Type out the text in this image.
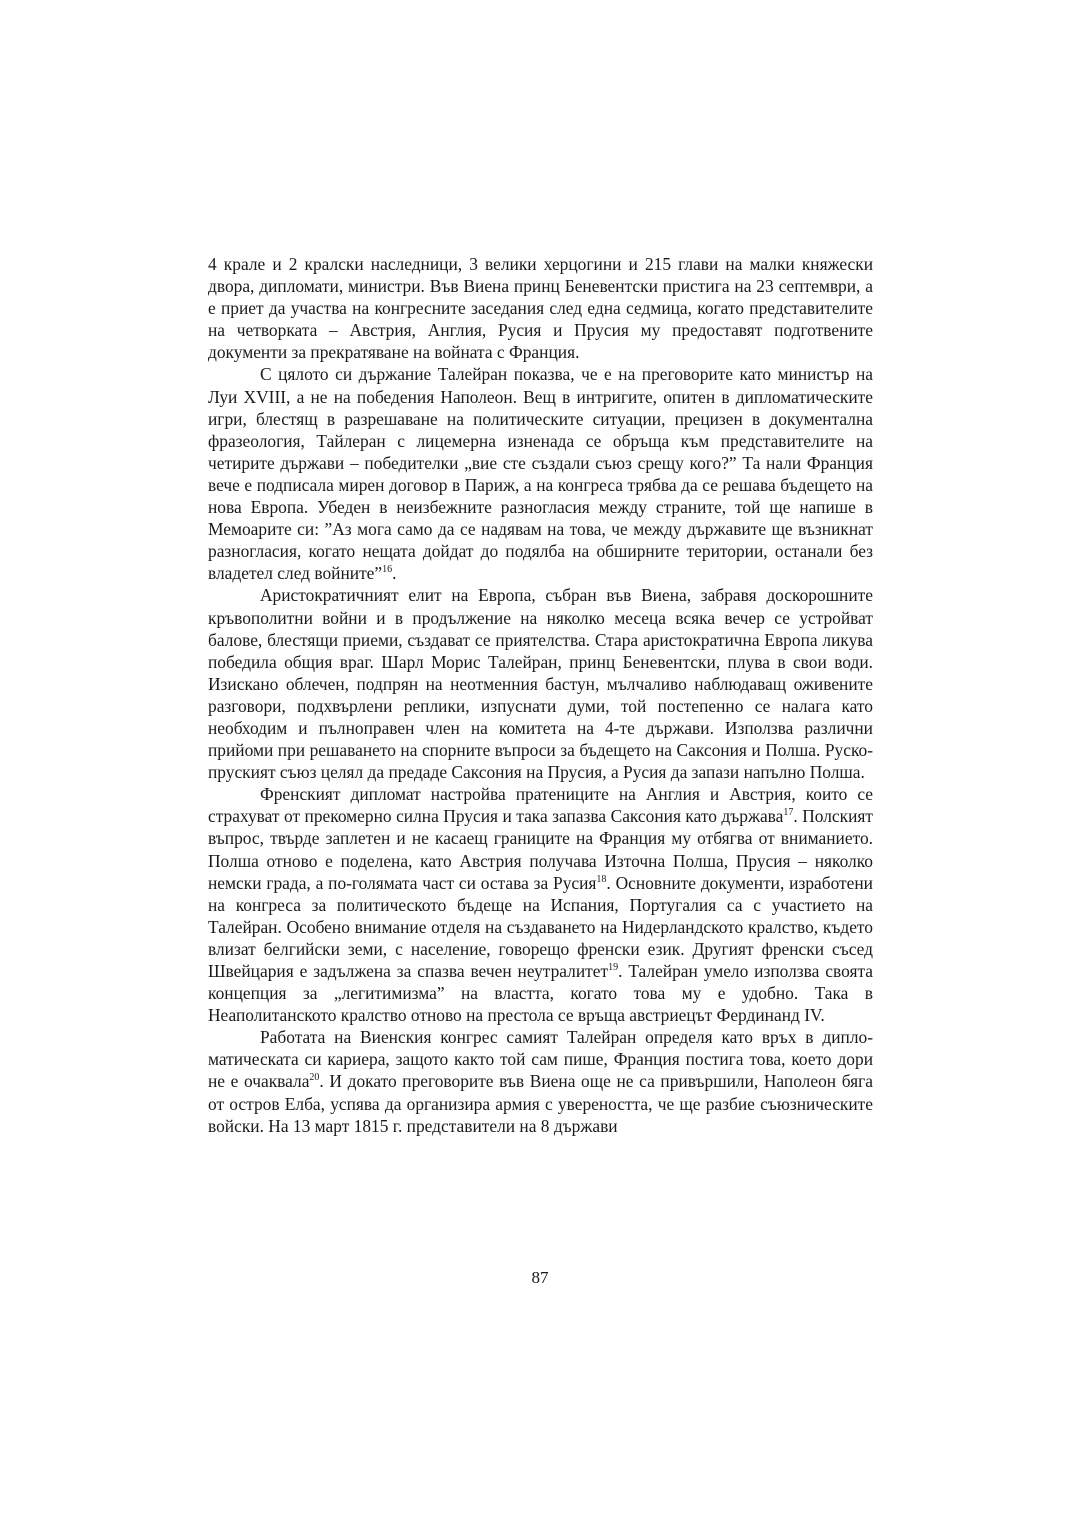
4 крале и 2 кралски наследници, 3 велики херцогини и 215 глави на малки княжески двора, дипломати, министри. Във Виена принц Беневентски пристига на 23 септември, а е приет да участва на конгресните заседания след една седмица, когато представителите на четворката – Австрия, Англия, Русия и Прусия му предоставят подготвените документи за прекратяване на войната с Франция.

С цялото си държание Талейран показва, че е на преговорите като министър на Луи XVIII, а не на победения Наполеон. Вещ в интригите, опитен в дипломатическите игри, блестящ в разрешаване на политическите ситуации, прецизен в документална фразеология, Тайлеран с лицемерна изненада се обръща към представителите на четирите държави – победителки „вие сте създали съюз срещу кого?” Та нали Франция вече е подписала мирен договор в Париж, а на конгреса трябва да се решава бъдещето на нова Европа. Убеден в неизбежните разногласия между страните, той ще напише в Мемоарите си: ”Аз мога само да се надявам на това, че между държавите ще възникнат разногласия, когато нещата дойдат до подялба на обширните територии, останали без владетел след войните”$^{16}$.

Аристократичният елит на Европа, събран във Виена, забравя доскорошните кръвополитни войни и в продължение на няколко месеца всяка вечер се устройват балове, блестящи приеми, създават се приятелства. Стара аристократична Европа ликува победила общия враг. Шарл Морис Талейран, принц Беневентски, плува в свои води. Изискано облечен, подпрян на неотменния бастун, мълчаливо наблюдаващ оживените разговори, подхвърлени реплики, изпуснати думи, той постепенно се налага като необходим и пълноправен член на комитета на 4-те държави. Използва различни прийоми при решаването на спорните въпроси за бъдещето на Саксония и Полша. Руско-пруският съюз целял да предаде Саксония на Прусия, а Русия да запази напълно Полша.

Френският дипломат настройва пратениците на Англия и Австрия, които се страхуват от прекомерно силна Прусия и така запазва Саксония като държава$^{17}$. Полският въпрос, твърде заплетен и не касаещ границите на Франция му отбягва от вниманието. Полша отново е поделена, като Австрия получава Източна Полша, Прусия – няколко немски града, а по-голямата част си остава за Русия$^{18}$. Основните документи, изработени на конгреса за политическото бъдеще на Испания, Португалия са с участието на Талейран. Особено внимание отделя на създаването на Нидерландското кралство, където влизат белгийски земи, с население, говорещо френски език. Другият френски съсед Швейцария е задължена за спазва вечен неутралитет$^{19}$. Талейран умело използва своята концепция за „легитимизма” на властта, когато това му е удобно. Така в Неаполитанското кралство отново на престола се връща австриецът Фердинанд IV.

Работата на Виенския конгрес самият Талейран определя като връх в дипломатическата си кариера, защото както той сам пише, Франция постига това, което дори не е очаквала$^{20}$. И докато преговорите във Виена още не са привършили, Наполеон бяга от остров Елба, успява да организира армия с увереността, че ще разбие съюзническите войски. На 13 март 1815 г. представители на 8 държави

87
